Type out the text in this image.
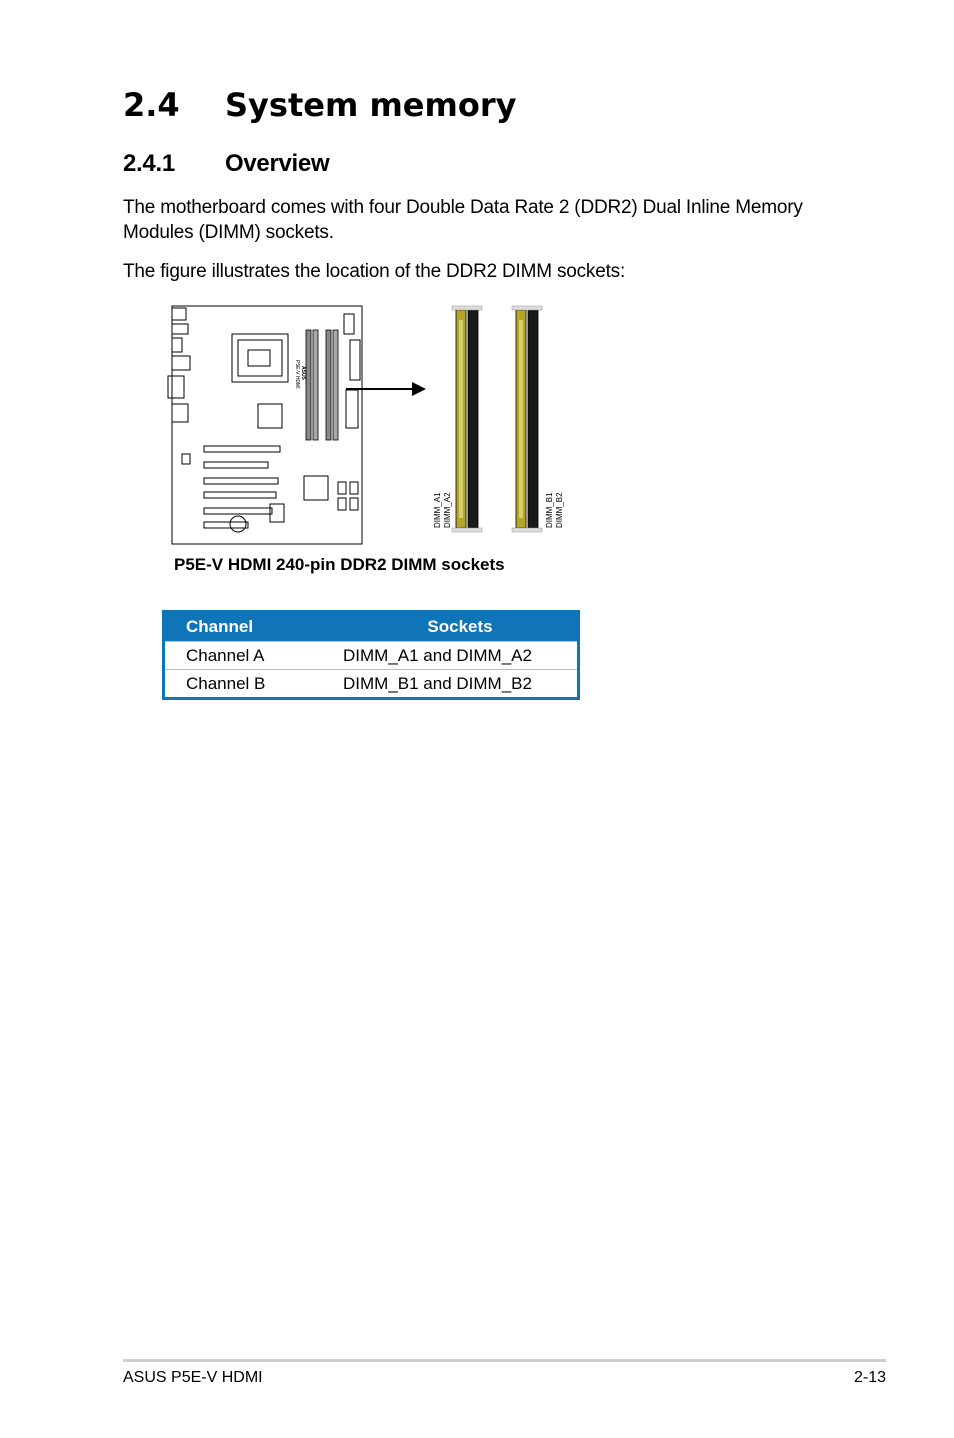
2.4 System memory
2.4.1 Overview

The motherboard comes with four Double Data Rate 2 (DDR2) Dual Inline Memory Modules (DIMM) sockets.

The figure illustrates the location of the DDR2 DIMM sockets:

P5E-V HDMI ASUS
DIMM_A1 DIMM_A2	DIMM_B1 DIMM_B2

P5E-V HDMI 240-pin DDR2 DIMM sockets

Channel	Sockets
Channel A	DIMM_A1 and DIMM_A2
Channel B	DIMM_B1 and DIMM_B2
ASUS P5E-V HDMI	2-13
